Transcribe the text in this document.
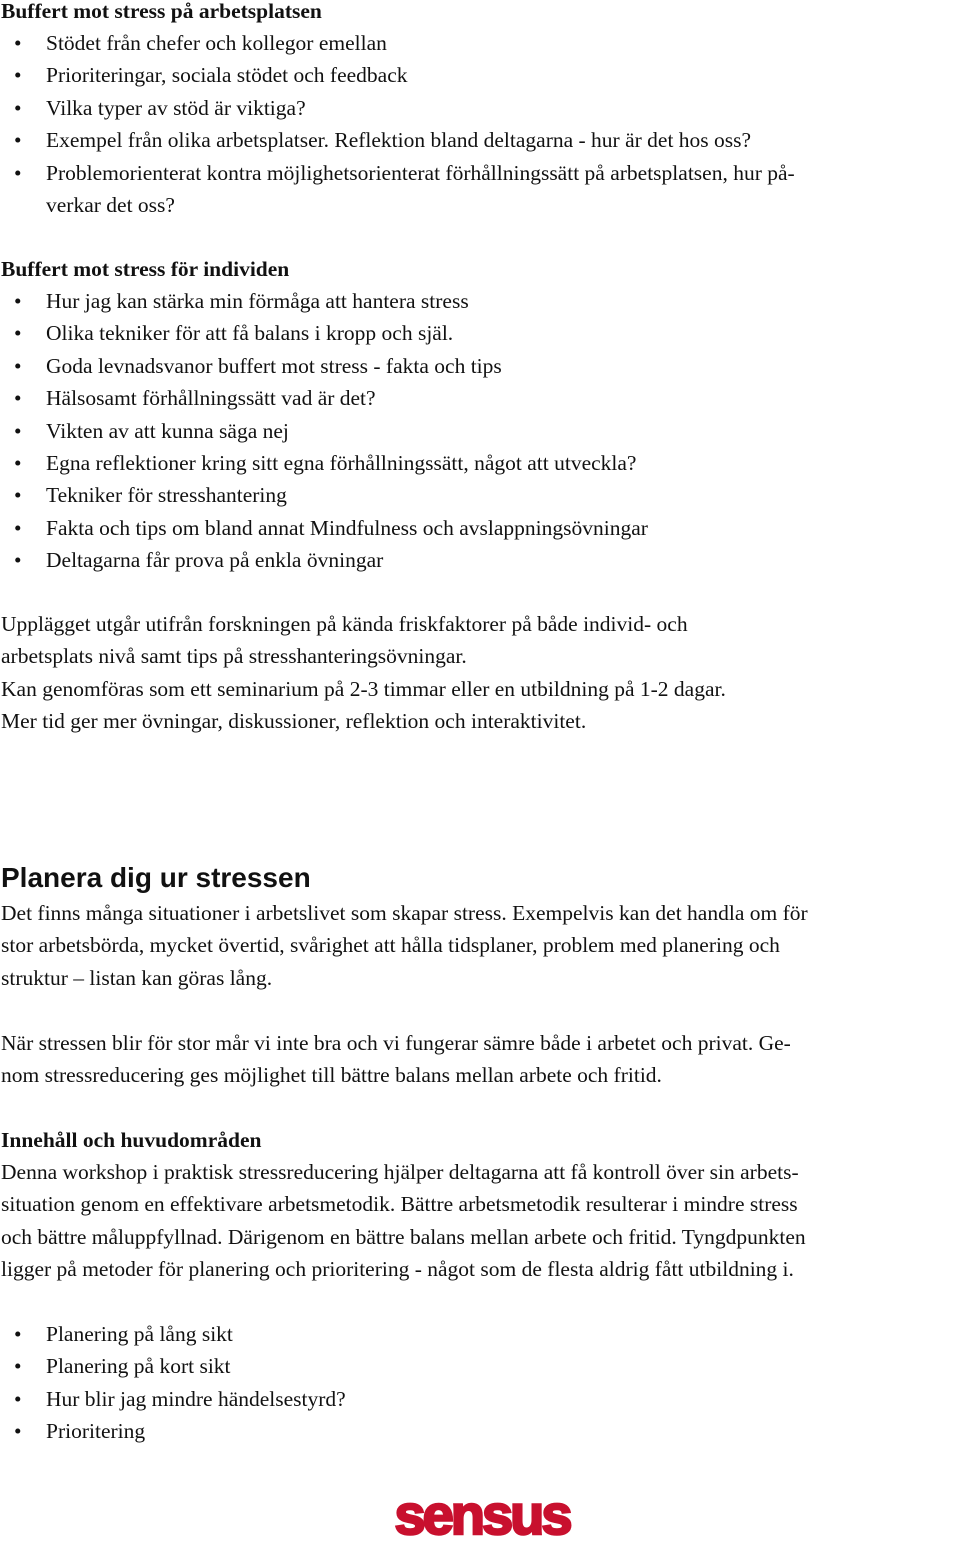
Buffert mot stress på arbetsplatsen
• Stödet från chefer och kollegor emellan
• Prioriteringar, sociala stödet och feedback
• Vilka typer av stöd är viktiga?
• Exempel från olika arbetsplatser. Reflektion bland deltagarna - hur är det hos oss?
• Problemorienterat kontra möjlighetsorienterat förhållningssätt på arbetsplatsen, hur på-
verkar det oss?
Buffert mot stress för individen
• Hur jag kan stärka min förmåga att hantera stress
• Olika tekniker för att få balans i kropp och själ.
• Goda levnadsvanor buffert mot stress - fakta och tips
• Hälsosamt förhållningssätt vad är det?
• Vikten av att kunna säga nej
• Egna reflektioner kring sitt egna förhållningssätt, något att utveckla?
• Tekniker för stresshantering
• Fakta och tips om bland annat Mindfulness och avslappningsövningar
• Deltagarna får prova på enkla övningar
Upplägget utgår utifrån forskningen på kända friskfaktorer på både individ- och
arbetsplats nivå samt tips på stresshanteringsövningar.
Kan genomföras som ett seminarium på 2-3 timmar eller en utbildning på 1-2 dagar.
Mer tid ger mer övningar, diskussioner, reflektion och interaktivitet.
Planera dig ur stressen
Det finns många situationer i arbetslivet som skapar stress. Exempelvis kan det handla om för
stor arbetsbörda, mycket övertid, svårighet att hålla tidsplaner, problem med planering och
struktur – listan kan göras lång.
När stressen blir för stor mår vi inte bra och vi fungerar sämre både i arbetet och privat. Ge-
nom stressreducering ges möjlighet till bättre balans mellan arbete och fritid.
Innehåll och huvudområden
Denna workshop i praktisk stressreducering hjälper deltagarna att få kontroll över sin arbets-
situation genom en effektivare arbetsmetodik. Bättre arbetsmetodik resulterar i mindre stress
och bättre måluppfyllnad. Därigenom en bättre balans mellan arbete och fritid. Tyngdpunkten
ligger på metoder för planering och prioritering - något som de flesta aldrig fått utbildning i.
• Planering på lång sikt
• Planering på kort sikt
• Hur blir jag mindre händelsestyrd?
• Prioritering
sensus
